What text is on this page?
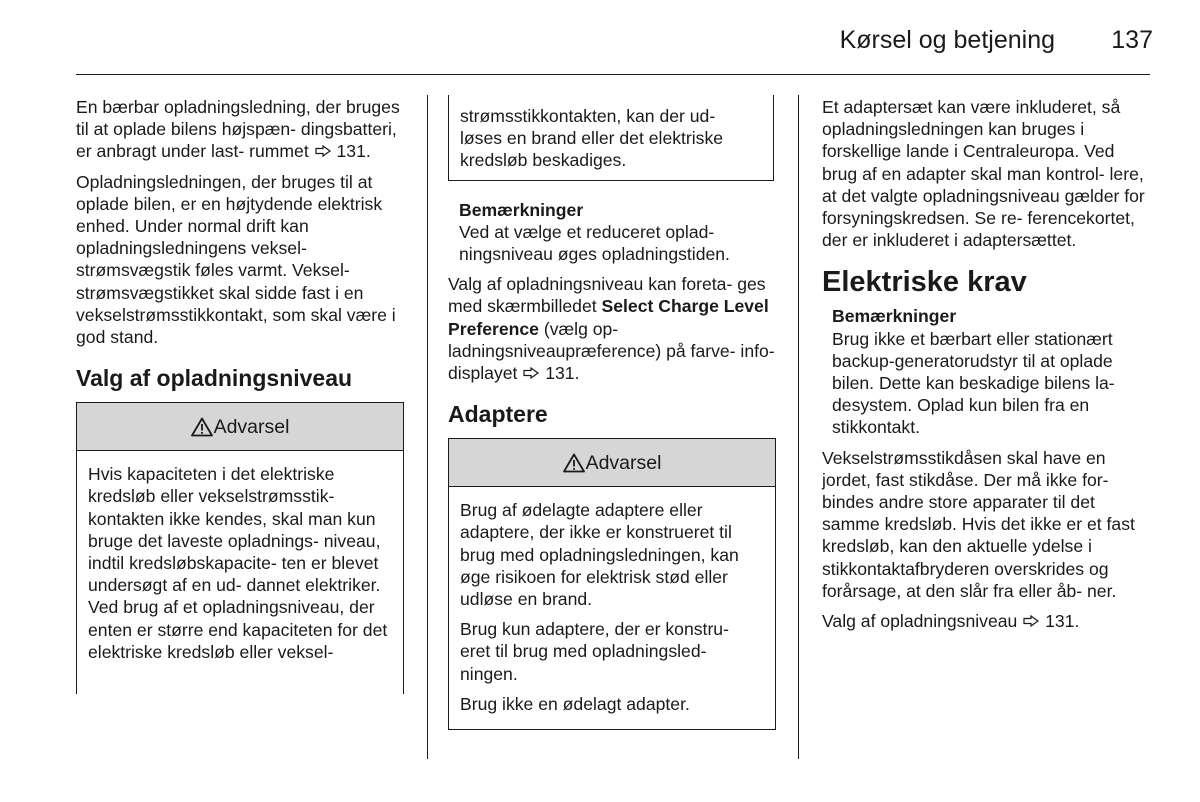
Kørsel og betjening 137

En bærbar opladningsledning, der bruges til at oplade bilens højspæn- dingsbatteri, er anbragt under last- rummet 131.

Opladningsledningen, der bruges til at oplade bilen, er en højtydende elektrisk enhed. Under normal drift kan opladningsledningens veksel- strømsvægstik føles varmt. Veksel- strømsvægstikket skal sidde fast i en vekselstrømsstikkontakt, som skal være i god stand.

Valg af opladningsniveau
Advarsel

Hvis kapaciteten i det elektriske kredsløb eller vekselstrømsstik- kontakten ikke kendes, skal man kun bruge det laveste opladnings- niveau, indtil kredsløbskapacite- ten er blevet undersøgt af en ud- dannet elektriker. Ved brug af et opladningsniveau, der enten er større end kapaciteten for det elektriske kredsløb eller veksel-

strømsstikkontakten, kan der ud- løses en brand eller det elektriske kredsløb beskadiges.

Bemærkninger
Ved at vælge et reduceret oplad- ningsniveau øges opladningstiden.

Valg af opladningsniveau kan foreta- ges med skærmbilledet Select Charge Level Preference (vælg op- ladningsniveaupræference) på farve- info-displayet 131.

Adaptere
Advarsel

Brug af ødelagte adaptere eller adaptere, der ikke er konstrueret til brug med opladningsledningen, kan øge risikoen for elektrisk stød eller udløse en brand.

Brug kun adaptere, der er konstru- eret til brug med opladningsled- ningen.

Brug ikke en ødelagt adapter.

Et adaptersæt kan være inkluderet, så opladningsledningen kan bruges i forskellige lande i Centraleuropa. Ved brug af en adapter skal man kontrol- lere, at det valgte opladningsniveau gælder for forsyningskredsen. Se re- ferencekortet, der er inkluderet i adaptersættet.

Elektriske krav
Bemærkninger
Brug ikke et bærbart eller stationært backup-generatorudstyr til at oplade bilen. Dette kan beskadige bilens la- desystem. Oplad kun bilen fra en stikkontakt.

Vekselstrømsstikdåsen skal have en jordet, fast stikdåse. Der må ikke for- bindes andre store apparater til det samme kredsløb. Hvis det ikke er et fast kredsløb, kan den aktuelle ydelse i stikkontaktafbryderen overskrides og forårsage, at den slår fra eller åb- ner.

Valg af opladningsniveau 131.
